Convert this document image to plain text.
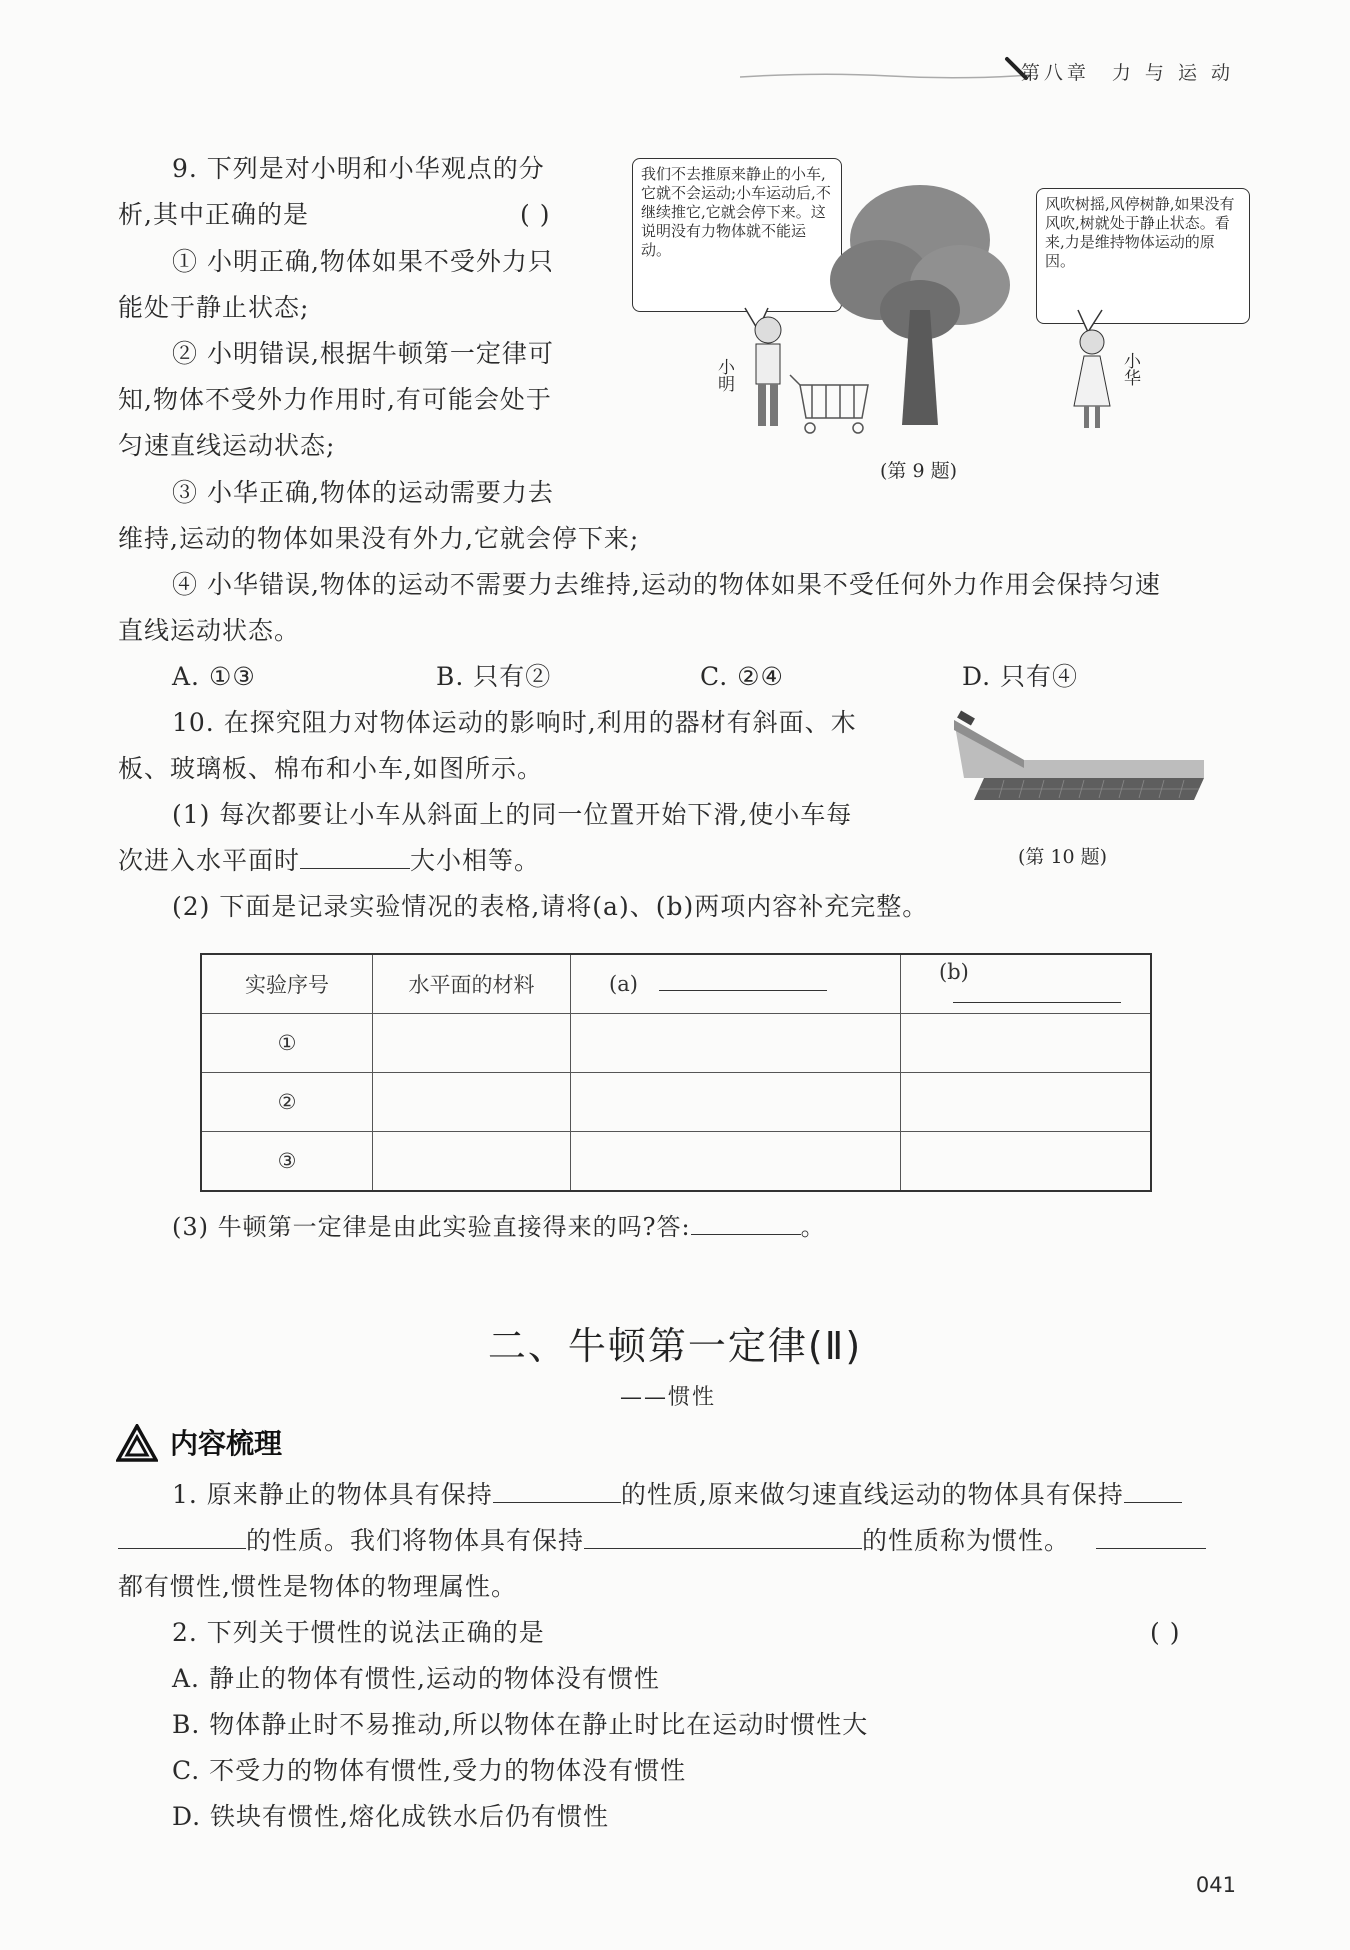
第八章 力 与 运 动
9. 下列是对小明和小华观点的分
析,其中正确的是	( )
① 小明正确,物体如果不受外力只
能处于静止状态;
② 小明错误,根据牛顿第一定律可
知,物体不受外力作用时,有可能会处于
匀速直线运动状态;
③ 小华正确,物体的运动需要力去
维持,运动的物体如果没有外力,它就会停下来;
④ 小华错误,物体的运动不需要力去维持,运动的物体如果不受任何外力作用会保持匀速
直线运动状态。
A. ①③	B. 只有②	C. ②④	D. 只有④
我们不去推原来静止的小车,它就不会运动;小车运动后,不继续推它,它就会停下来。这说明没有力物体就不能运动。
风吹树摇,风停树静,如果没有风吹,树就处于静止状态。看来,力是维持物体运动的原因。
小明	小华
(第 9 题)
10. 在探究阻力对物体运动的影响时,利用的器材有斜面、木
板、玻璃板、棉布和小车,如图所示。
(1) 每次都要让小车从斜面上的同一位置开始下滑,使小车每
次进入水平面时	大小相等。
(2) 下面是记录实验情况的表格,请将(a)、(b)两项内容补充完整。
(第 10 题)
实验序号	水平面的材料	(a)	(b)
①			
②			
③			
(3) 牛顿第一定律是由此实验直接得来的吗?答:	。
二、牛顿第一定律(Ⅱ)
——惯性
内容梳理
1. 原来静止的物体具有保持	的性质,原来做匀速直线运动的物体具有保持
的性质。我们将物体具有保持	的性质称为惯性。
都有惯性,惯性是物体的物理属性。
2. 下列关于惯性的说法正确的是	( )
A. 静止的物体有惯性,运动的物体没有惯性
B. 物体静止时不易推动,所以物体在静止时比在运动时惯性大
C. 不受力的物体有惯性,受力的物体没有惯性
D. 铁块有惯性,熔化成铁水后仍有惯性
041
